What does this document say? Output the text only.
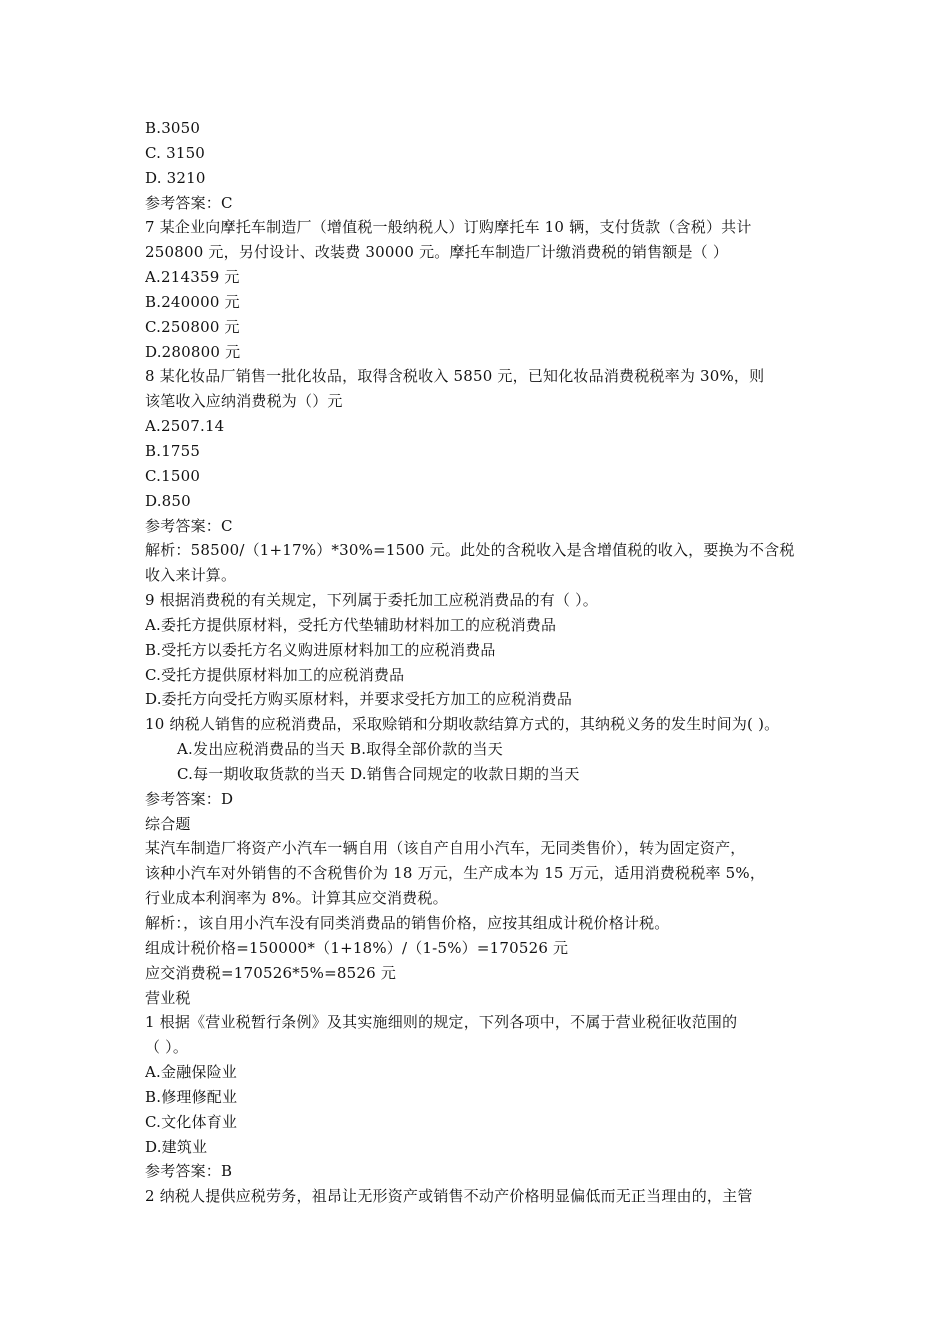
B.3050
C. 3150
D. 3210
参考答案：C
7 某企业向摩托车制造厂（增值税一般纳税人）订购摩托车 10 辆，支付货款（含税）共计
250800 元，另付设计、改装费 30000 元。摩托车制造厂计缴消费税的销售额是（ ）
A.214359 元
B.240000 元
C.250800 元
D.280800 元
8 某化妆品厂销售一批化妆品，取得含税收入 5850 元，已知化妆品消费税税率为 30%，则
该笔收入应纳消费税为（）元
A.2507.14
B.1755
C.1500
D.850
参考答案：C
解析：58500/（1+17%）*30%=1500 元。此处的含税收入是含增值税的收入，要换为不含税
收入来计算。
9 根据消费税的有关规定，下列属于委托加工应税消费品的有（ ）。
A.委托方提供原材料，受托方代垫辅助材料加工的应税消费品
B.受托方以委托方名义购进原材料加工的应税消费品
C.受托方提供原材料加工的应税消费品
D.委托方向受托方购买原材料，并要求受托方加工的应税消费品
10 纳税人销售的应税消费品，采取赊销和分期收款结算方式的，其纳税义务的发生时间为( )。
A.发出应税消费品的当天 B.取得全部价款的当天
C.每一期收取货款的当天 D.销售合同规定的收款日期的当天
参考答案：D
综合题
某汽车制造厂将资产小汽车一辆自用（该自产自用小汽车，无同类售价），转为固定资产，
该种小汽车对外销售的不含税售价为 18 万元，生产成本为 15 万元，适用消费税税率 5%，
行业成本利润率为 8%。计算其应交消费税。
解析：，该自用小汽车没有同类消费品的销售价格，应按其组成计税价格计税。
组成计税价格=150000*（1+18%）/（1-5%）=170526 元
应交消费税=170526*5%=8526 元
营业税
1 根据《营业税暂行条例》及其实施细则的规定，下列各项中，不属于营业税征收范围的
（ ）。
A.金融保险业
B.修理修配业
C.文化体育业
D.建筑业
参考答案：B
2 纳税人提供应税劳务，祖昂让无形资产或销售不动产价格明显偏低而无正当理由的，主管
